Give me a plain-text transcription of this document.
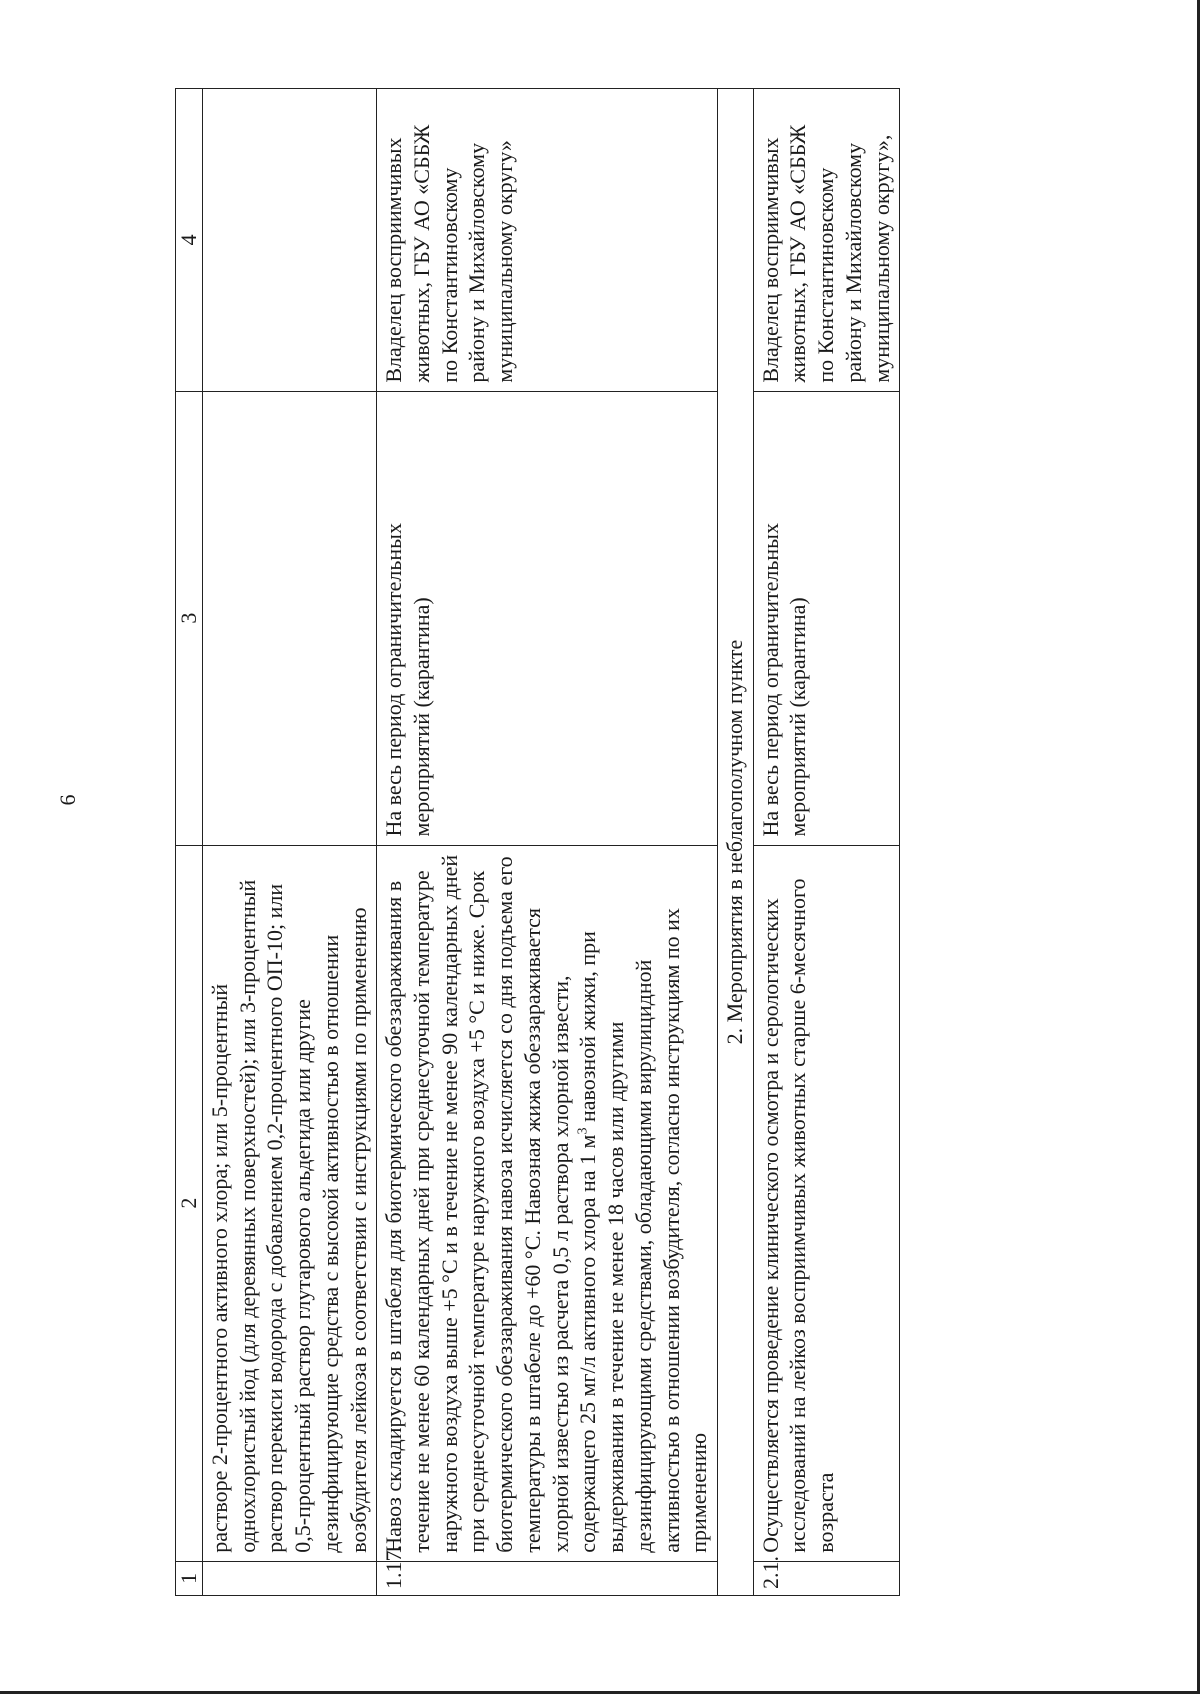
6
1	2	3	4
	растворе 2-процентного активного хлора; или 5-процентный однохлористый йод (для деревянных поверхностей); или 3-процентный раствор перекиси водорода с добавлением 0,2-процентного ОП-10; или 0,5-процентный раствор глутарового альдегида или другие дезинфицирующие средства с высокой активностью в отношении возбудителя лейкоза в соответствии с инструкциями по применению		
1.17.	Навоз складируется в штабеля для биотермического обеззараживания в течение не менее 60 календарных дней при среднесуточной температуре наружного воздуха выше +5 °С и в течение не менее 90 календарных дней при среднесуточной температуре наружного воздуха +5 °С и ниже. Срок биотермического обеззараживания навоза исчисляется со дня подъема его температуры в штабеле до +60 °С. Навозная жижа обеззараживается хлорной известью из расчета 0,5 л раствора хлорной извести, содержащего 25 мг/л активного хлора на 1 $м^3$ навозной жижи, при выдерживании в течение не менее 18 часов или другими дезинфицирующими средствами, обладающими вирулицидной активностью в отношении возбудителя, согласно инструкциям по их применению	На весь период ограничительных мероприятий (карантина)	Владелец восприимчивых животных, ГБУ АО «СББЖ по Константиновскому району и Михайловскому муниципальному округу»
2. Мероприятия в неблагополучном пункте			
2.1.	Осуществляется проведение клинического осмотра и серологических исследований на лейкоз восприимчивых животных старше 6-месячного возраста	На весь период ограничительных мероприятий (карантина)	Владелец восприимчивых животных, ГБУ АО «СББЖ по Константиновскому району и Михайловскому муниципальному округу»,
